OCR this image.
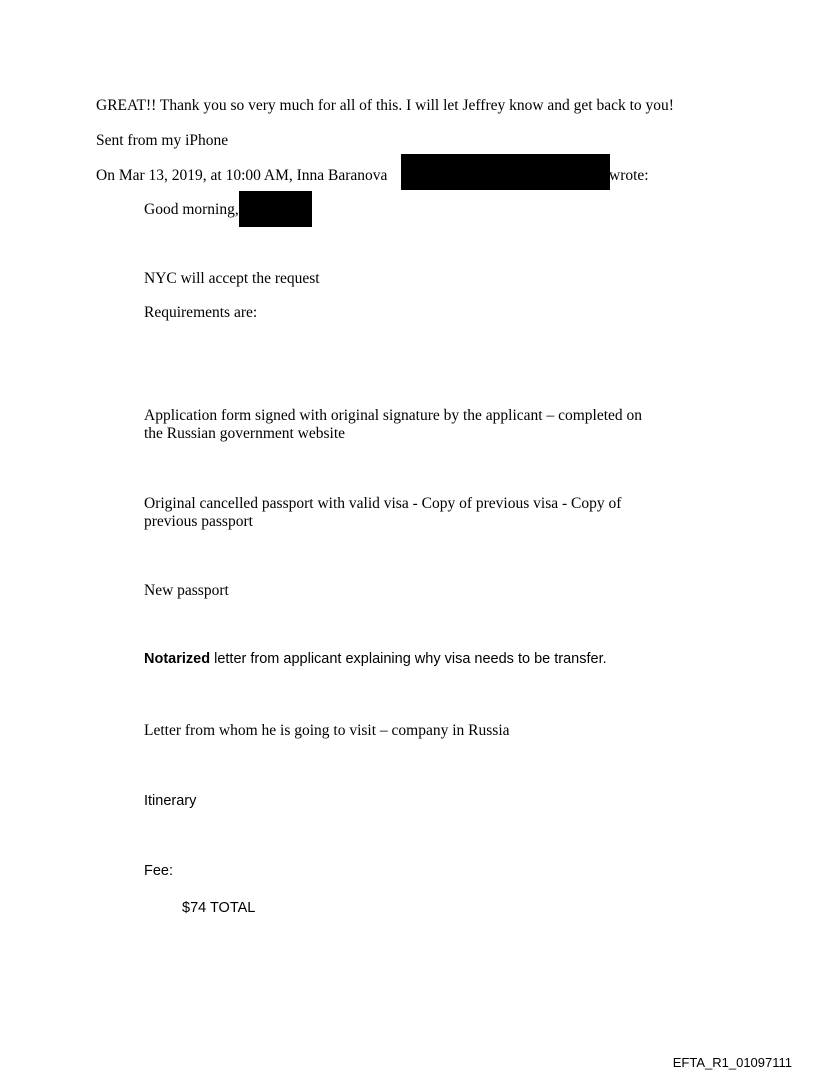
GREAT!! Thank you so very much for all of this. I will let Jeffrey know and get back to you!
Sent from my iPhone
On Mar 13, 2019, at 10:00 AM, Inna Baranova	wrote:
Good morning,
NYC will accept the request
Requirements are:
Application form signed with original signature by the applicant – completed on the Russian government website
Original cancelled passport with valid visa - Copy of previous visa - Copy of previous passport
New passport
Notarized letter from applicant explaining why visa needs to be transfer.
Letter from whom he is going to visit – company in Russia
Itinerary
Fee:
$74 TOTAL
EFTA_R1_01097111
